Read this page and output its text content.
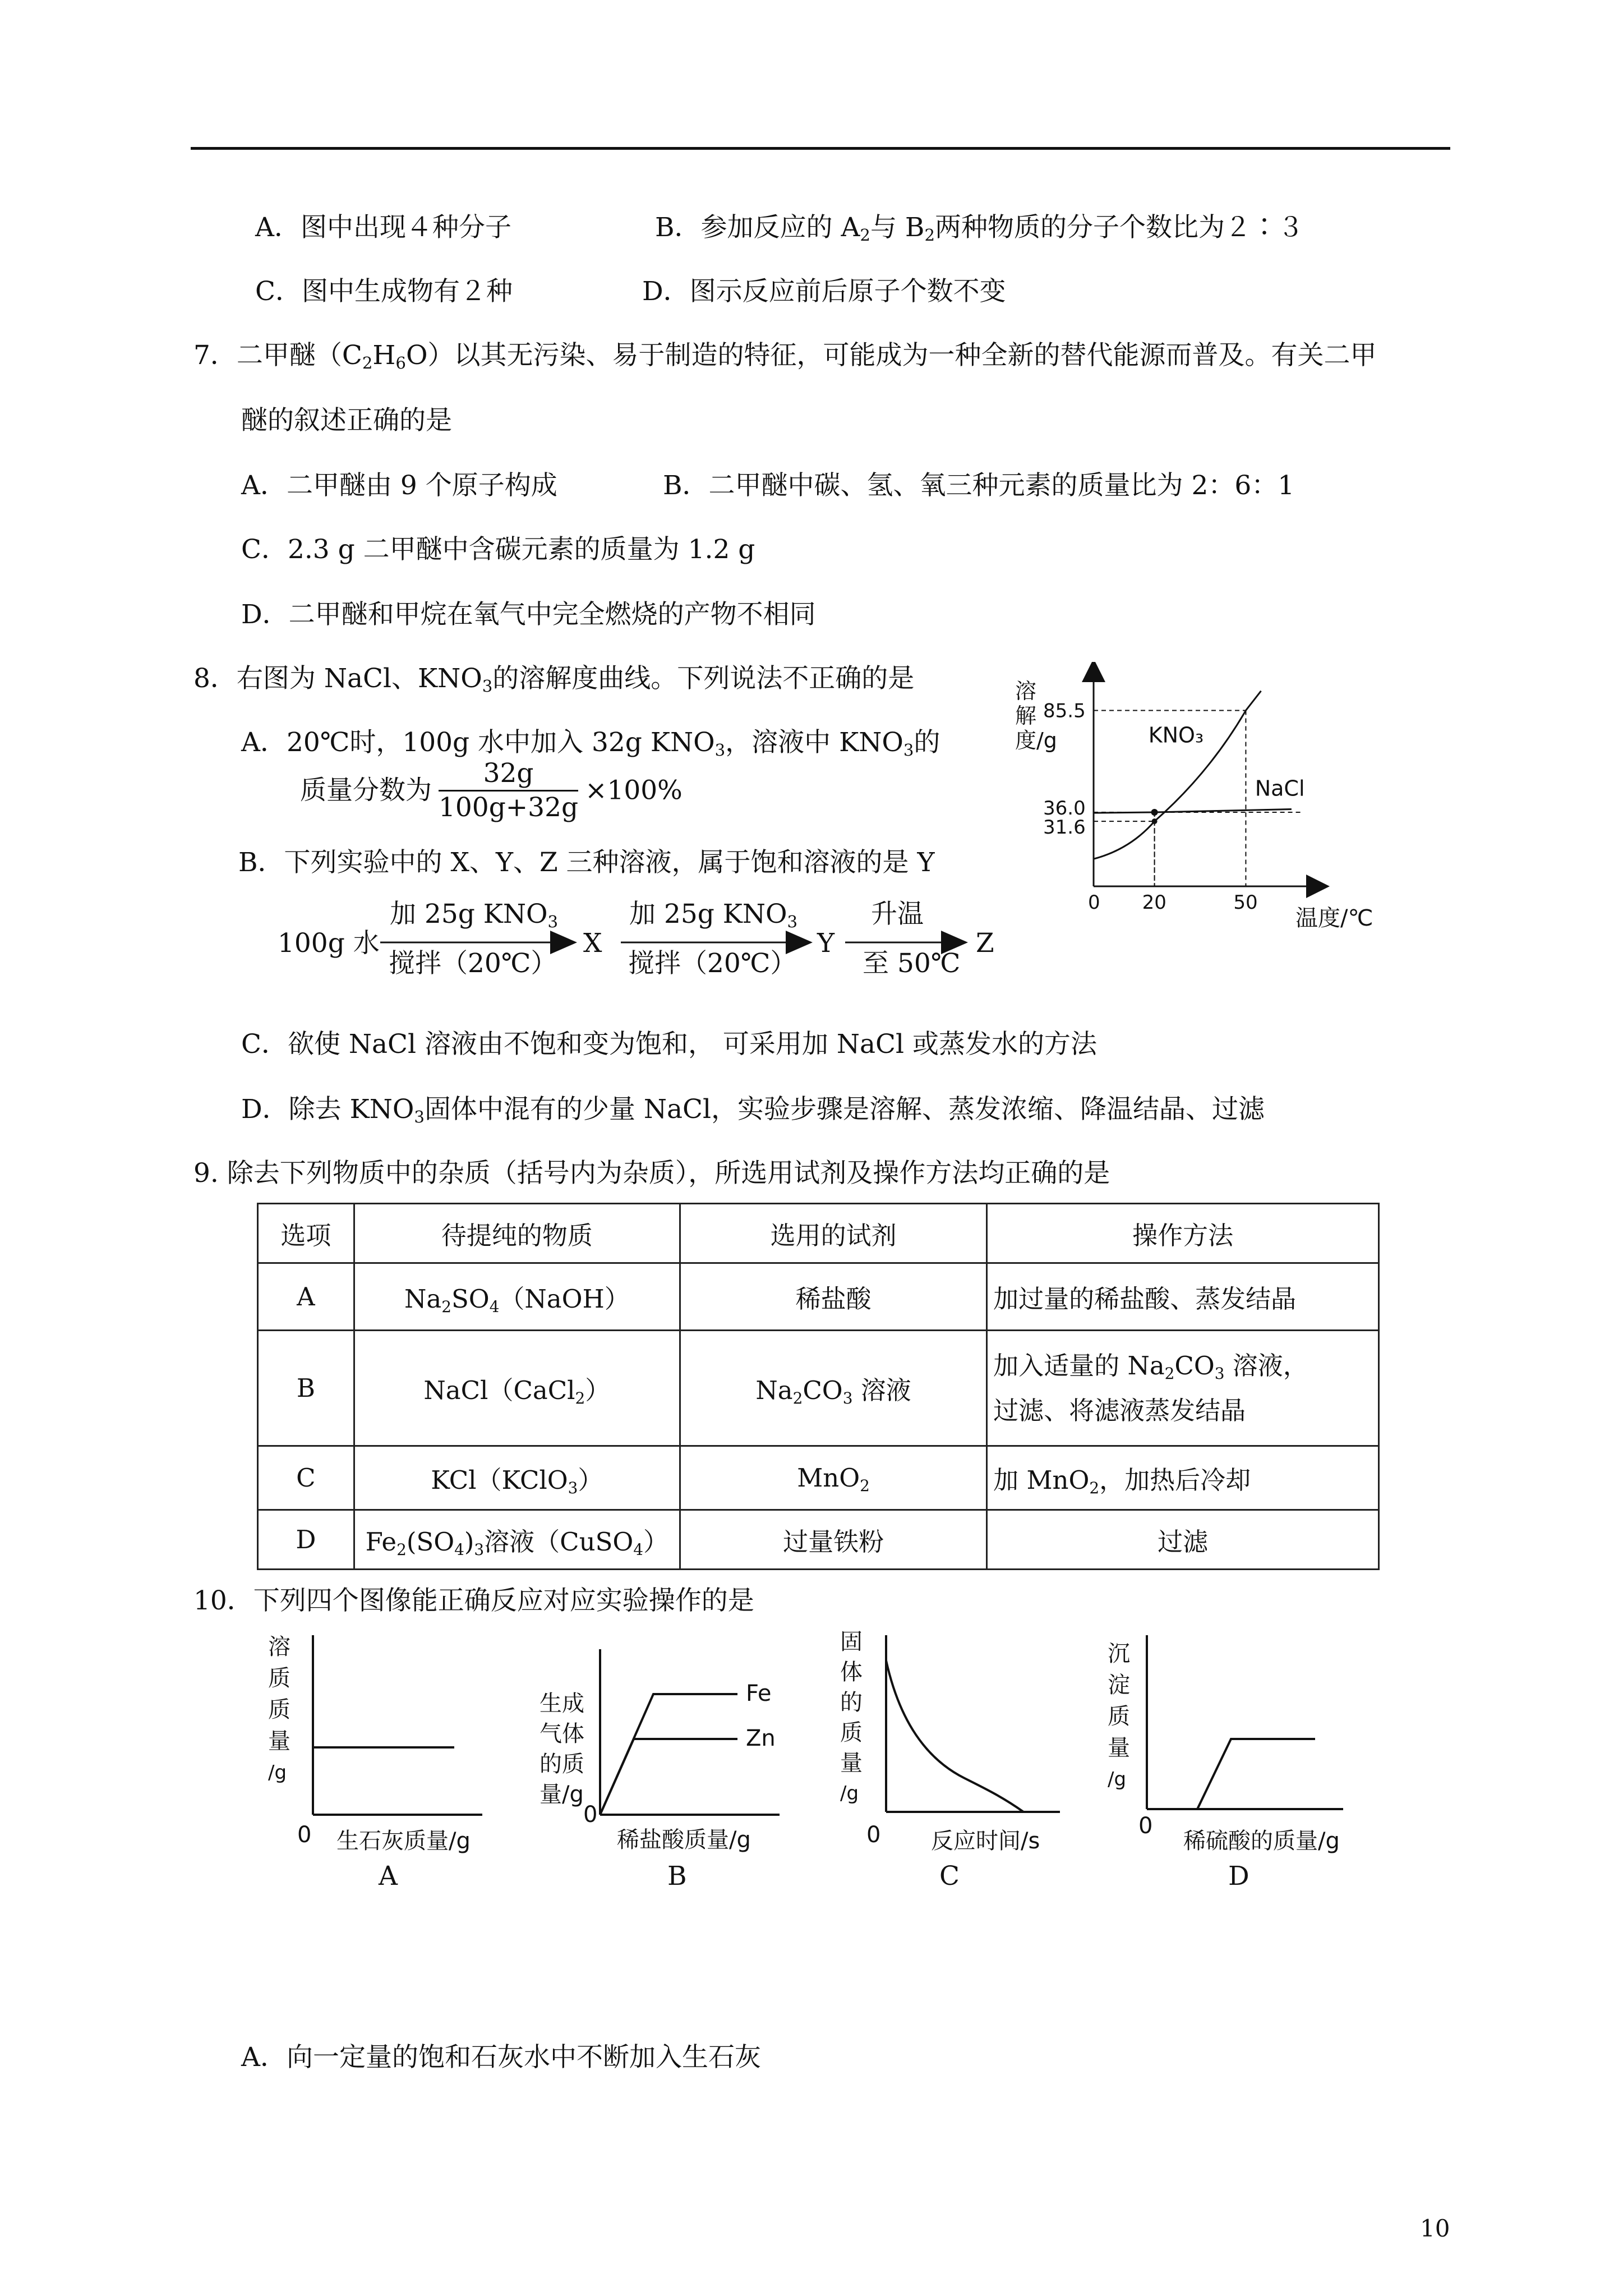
A．图中出现４种分子	B．参加反应的 $A_2$与 $B_2$两种物质的分子个数比为２∶３
C．图中生成物有２种	D．图示反应前后原子个数不变
7．二甲醚$(C_2H_6O)$以其无污染、易于制造的特征，可能成为一种全新的替代能源而普及。有关二甲
醚的叙述正确的是
A．二甲醚由 9 个原子构成	B．二甲醚中碳、氢、氧三种元素的质量比为 2：6：1
C．2.3 g 二甲醚中含碳元素的质量为 1.2 g
D．二甲醚和甲烷在氧气中完全燃烧的产物不相同
8．右图为 NaCl、$KNO_3$的溶解度曲线。下列说法不正确的是
A．20℃时，100g 水中加入 32g $KNO_3$，溶液中 $KNO_3$的
质量分数为 $\frac{32g}{100g+32g} \times 100\%$
B．下列实验中的 X、Y、Z 三种溶液，属于饱和溶液的是 Y
100g 水
加 25g $KNO_3$
搅拌（20℃）
X
加 25g $KNO_3$
搅拌（20℃）
Y
升温
至 50℃
Z
KNO₃
NaCl
0 20	50
31.6
36.0
85.5
溶解度/g
温度/℃
C．欲使 NaCl 溶液由不饱和变为饱和， 可采用加 NaCl 或蒸发水的方法
D．除去 $KNO_3$固体中混有的少量 NaCl，实验步骤是溶解、蒸发浓缩、降温结晶、过滤
9. 除去下列物质中的杂质（括号内为杂质），所选用试剂及操作方法均正确的是
选项	待提纯的物质	选用的试剂	操作方法
A	$Na_2SO_4(NaOH)$	稀盐酸	加过量的稀盐酸、蒸发结晶
B	NaCl（CaCl$_2$）	$Na_2CO_3$ 溶液	加入适量的 $Na_2CO_3$ 溶液，
过滤、将滤液蒸发结晶
C	KCl（KClO$_3$）	MnO$_2$	加 MnO$_2$，加热后冷却
D	$Fe_2(SO_4)_3$溶液（CuSO$_4$）	过量铁粉	过滤
10．下列四个图像能正确反应对应实验操作的是
溶
质
质
量
/g
0 生石灰质量/g
A
生成
气体
的质
量/g
Fe
Zn
0
稀盐酸质量/g
B
固
体
的
质
量
/g
0 反应时间/s
C
沉
淀
质
量
/g
0
稀硫酸的质量/g
D
A．向一定量的饱和石灰水中不断加入生石灰
10
